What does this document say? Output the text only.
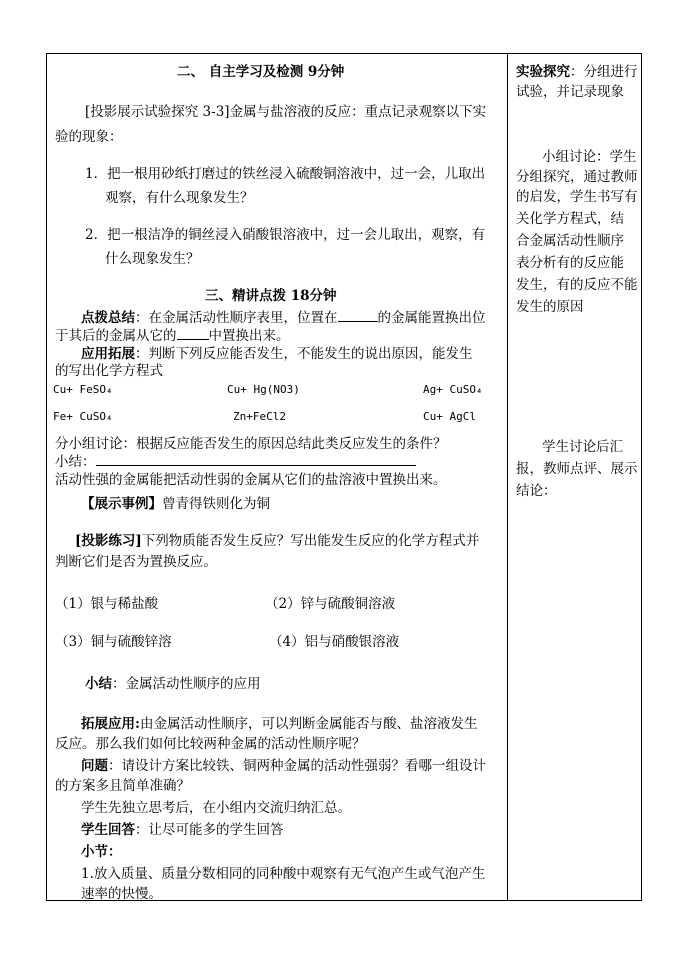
二、 自主学习及检测 9分钟
[投影展示试验探究 3-3]金属与盐溶液的反应：重点记录观察以下实
验的现象：
1．把一根用砂纸打磨过的铁丝浸入硫酸铜溶液中，过一会，儿取出
观察，有什么现象发生？
2．把一根洁净的铜丝浸入硝酸银溶液中，过一会儿取出，观察，有
什么现象发生？
三、精讲点拨 18分钟
点拨总结：在金属活动性顺序表里，位置在	的金属能置换出位
于其后的金属从它的 中置换出来。
应用拓展：判断下列反应能否发生，不能发生的说出原因，能发生
的写出化学方程式
Cu+ FeSO₄	Cu+ Hg(NO3)	Ag+ CuSO₄
Fe+ CuSO₄	Zn+FeCl2	Cu+ AgCl
分小组讨论：根据反应能否发生的原因总结此类反应发生的条件？
小结：
活动性强的金属能把活动性弱的金属从它们的盐溶液中置换出来。
【展示事例】曾青得铁则化为铜
[投影练习]下列物质能否发生反应？写出能发生反应的化学方程式并
判断它们是否为置换反应。
（1）银与稀盐酸	（2）锌与硫酸铜溶液
（3）铜与硫酸锌溶	（4）铝与硝酸银溶液
小结：金属活动性顺序的应用
拓展应用:由金属活动性顺序，可以判断金属能否与酸、盐溶液发生
反应。那么我们如何比较两种金属的活动性顺序呢？
问题：请设计方案比较铁、铜两种金属的活动性强弱？看哪一组设计
的方案多且简单准确？
学生先独立思考后，在小组内交流归纳汇总。
学生回答：让尽可能多的学生回答
小节：
1.放入质量、质量分数相同的同种酸中观察有无气泡产生或气泡产生
速率的快慢。
实验探究：分组进行
试验，并记录现象
小组讨论：学生
分组探究，通过教师
的启发，学生书写有
关化学方程式，结
合金属活动性顺序
表分析有的反应能
发生，有的反应不能
发生的原因
学生讨论后汇
报，教师点评、展示
结论：
